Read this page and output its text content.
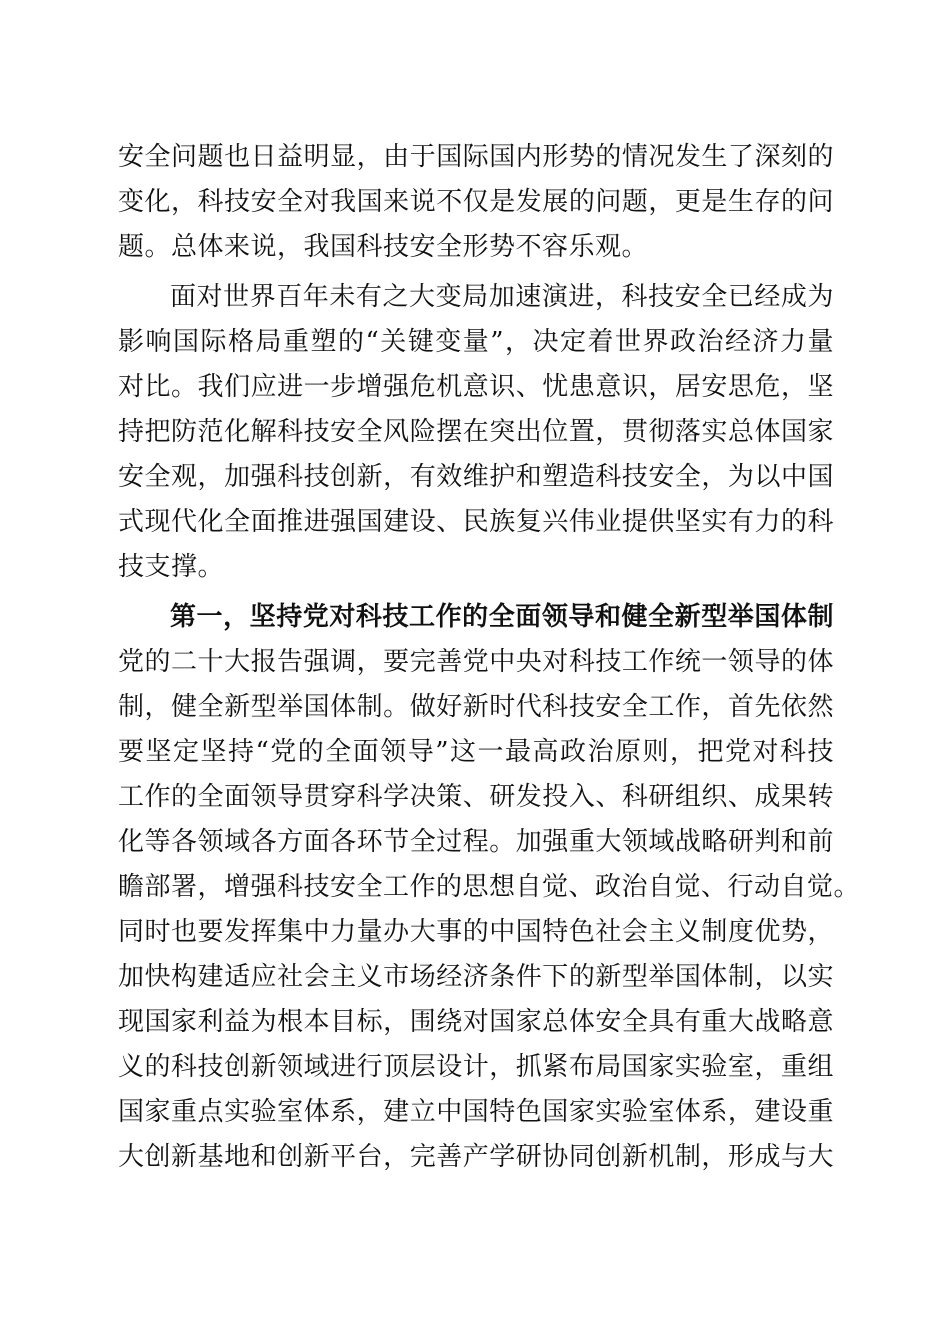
安全问题也日益明显，由于国际国内形势的情况发生了深刻的
变化，科技安全对我国来说不仅是发展的问题，更是生存的问
题。总体来说，我国科技安全形势不容乐观。
面对世界百年未有之大变局加速演进，科技安全已经成为
影响国际格局重塑的“关键变量”，决定着世界政治经济力量
对比。我们应进一步增强危机意识、忧患意识，居安思危，坚
持把防范化解科技安全风险摆在突出位置，贯彻落实总体国家
安全观，加强科技创新，有效维护和塑造科技安全，为以中国
式现代化全面推进强国建设、民族复兴伟业提供坚实有力的科
技支撑。
第一，坚持党对科技工作的全面领导和健全新型举国体制
党的二十大报告强调，要完善党中央对科技工作统一领导的体
制，健全新型举国体制。做好新时代科技安全工作，首先依然
要坚定坚持“党的全面领导”这一最高政治原则，把党对科技
工作的全面领导贯穿科学决策、研发投入、科研组织、成果转
化等各领域各方面各环节全过程。加强重大领域战略研判和前
瞻部署，增强科技安全工作的思想自觉、政治自觉、行动自觉。
同时也要发挥集中力量办大事的中国特色社会主义制度优势，
加快构建适应社会主义市场经济条件下的新型举国体制，以实
现国家利益为根本目标，围绕对国家总体安全具有重大战略意
义的科技创新领域进行顶层设计，抓紧布局国家实验室，重组
国家重点实验室体系，建立中国特色国家实验室体系，建设重
大创新基地和创新平台，完善产学研协同创新机制，形成与大
